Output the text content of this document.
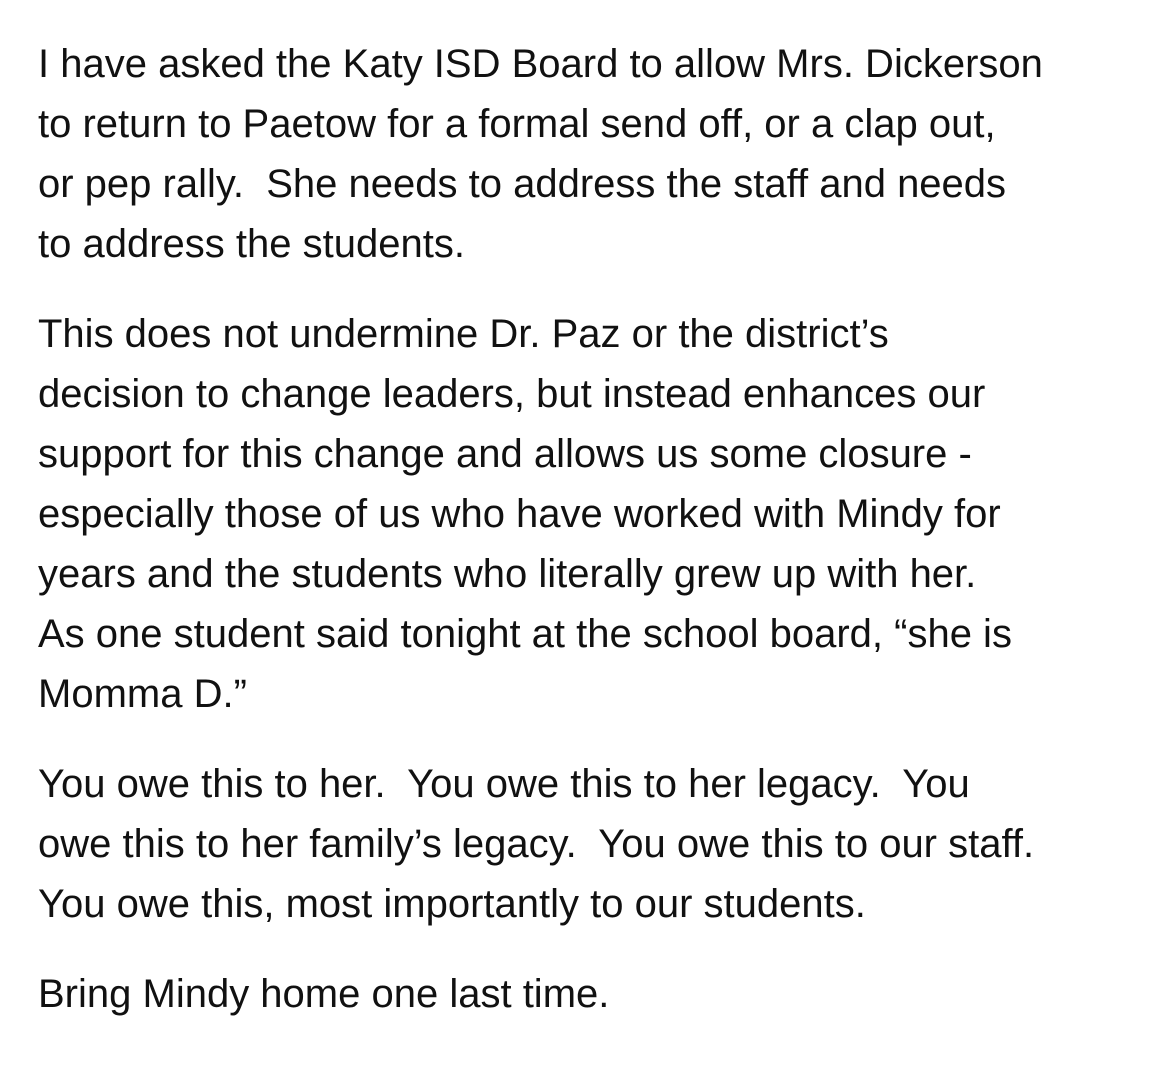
I have asked the Katy ISD Board to allow Mrs. Dickerson
to return to Paetow for a formal send off, or a clap out,
or pep rally.  She needs to address the staff and needs
to address the students.

This does not undermine Dr. Paz or the district’s
decision to change leaders, but instead enhances our
support for this change and allows us some closure -
especially those of us who have worked with Mindy for
years and the students who literally grew up with her.
As one student said tonight at the school board, “she is
Momma D.”

You owe this to her.  You owe this to her legacy.  You
owe this to her family’s legacy.  You owe this to our staff.
You owe this, most importantly to our students.

Bring Mindy home one last time.
